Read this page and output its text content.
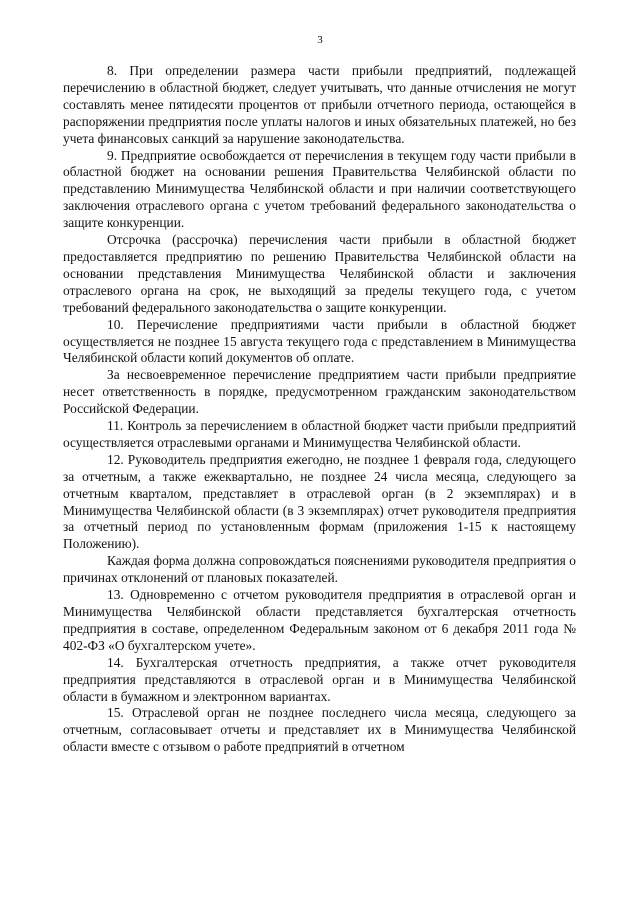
3

8. При определении размера части прибыли предприятий, подлежащей перечислению в областной бюджет, следует учитывать, что данные отчисления не могут составлять менее пятидесяти процентов от прибыли отчетного периода, остающейся в распоряжении предприятия после уплаты налогов и иных обязательных платежей, но без учета финансовых санкций за нарушение законодательства.

9. Предприятие освобождается от перечисления в текущем году части прибыли в областной бюджет на основании решения Правительства Челябинской области по представлению Минимущества Челябинской области и при наличии соответствующего заключения отраслевого органа с учетом требований федерального законодательства о защите конкуренции.

Отсрочка (рассрочка) перечисления части прибыли в областной бюджет предоставляется предприятию по решению Правительства Челябинской области на основании представления Минимущества Челябинской области и заключения отраслевого органа на срок, не выходящий за пределы текущего года, с учетом требований федерального законодательства о защите конкуренции.

10. Перечисление предприятиями части прибыли в областной бюджет осуществляется не позднее 15 августа текущего года с представлением в Минимущества Челябинской области копий документов об оплате.

За несвоевременное перечисление предприятием части прибыли предприятие несет ответственность в порядке, предусмотренном гражданским законодательством Российской Федерации.

11. Контроль за перечислением в областной бюджет части прибыли предприятий осуществляется отраслевыми органами и Минимущества Челябинской области.

12. Руководитель предприятия ежегодно, не позднее 1 февраля года, следующего за отчетным, а также ежеквартально, не позднее 24 числа месяца, следующего за отчетным кварталом, представляет в отраслевой орган (в 2 экземплярах) и в Минимущества Челябинской области (в 3 экземплярах) отчет руководителя предприятия за отчетный период по установленным формам (приложения 1-15 к настоящему Положению).

Каждая форма должна сопровождаться пояснениями руководителя предприятия о причинах отклонений от плановых показателей.

13. Одновременно с отчетом руководителя предприятия в отраслевой орган и Минимущества Челябинской области представляется бухгалтерская отчетность предприятия в составе, определенном Федеральным законом от 6 декабря 2011 года № 402-ФЗ «О бухгалтерском учете».

14. Бухгалтерская отчетность предприятия, а также отчет руководителя предприятия представляются в отраслевой орган и в Минимущества Челябинской области в бумажном и электронном вариантах.

15. Отраслевой орган не позднее последнего числа месяца, следующего за отчетным, согласовывает отчеты и представляет их в Минимущества Челябинской области вместе с отзывом о работе предприятий в отчетном
